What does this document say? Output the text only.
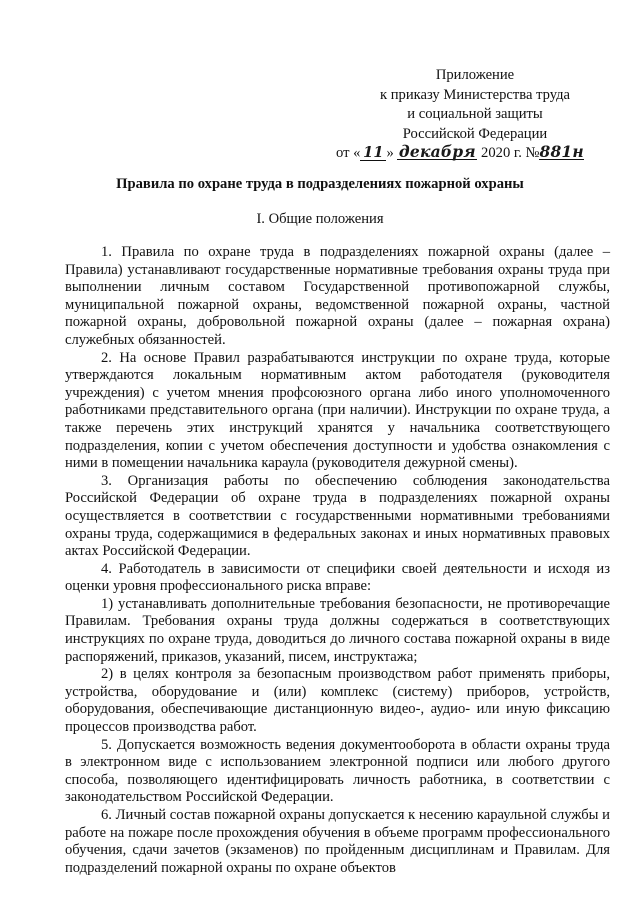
Приложение
к приказу Министерства труда
и социальной защиты
Российской Федерации
от « 11 » декабря 2020 г. №881н
Правила по охране труда в подразделениях пожарной охраны
I. Общие положения

1. Правила по охране труда в подразделениях пожарной охраны (далее – Правила) устанавливают государственные нормативные требования охраны труда при выполнении личным составом Государственной противопожарной службы, муниципальной пожарной охраны, ведомственной пожарной охраны, частной пожарной охраны, добровольной пожарной охраны (далее – пожарная охрана) служебных обязанностей.

2. На основе Правил разрабатываются инструкции по охране труда, которые утверждаются локальным нормативным актом работодателя (руководителя учреждения) с учетом мнения профсоюзного органа либо иного уполномоченного работниками представительного органа (при наличии). Инструкции по охране труда, а также перечень этих инструкций хранятся у начальника соответствующего подразделения, копии с учетом обеспечения доступности и удобства ознакомления с ними в помещении начальника караула (руководителя дежурной смены).

3. Организация работы по обеспечению соблюдения законодательства Российской Федерации об охране труда в подразделениях пожарной охраны осуществляется в соответствии с государственными нормативными требованиями охраны труда, содержащимися в федеральных законах и иных нормативных правовых актах Российской Федерации.

4. Работодатель в зависимости от специфики своей деятельности и исходя из оценки уровня профессионального риска вправе:

1) устанавливать дополнительные требования безопасности, не противоречащие Правилам. Требования охраны труда должны содержаться в соответствующих инструкциях по охране труда, доводиться до личного состава пожарной охраны в виде распоряжений, приказов, указаний, писем, инструктажа;

2) в целях контроля за безопасным производством работ применять приборы, устройства, оборудование и (или) комплекс (систему) приборов, устройств, оборудования, обеспечивающие дистанционную видео-, аудио- или иную фиксацию процессов производства работ.

5. Допускается возможность ведения документооборота в области охраны труда в электронном виде с использованием электронной подписи или любого другого способа, позволяющего идентифицировать личность работника, в соответствии с законодательством Российской Федерации.

6. Личный состав пожарной охраны допускается к несению караульной службы и работе на пожаре после прохождения обучения в объеме программ профессионального обучения, сдачи зачетов (экзаменов) по пройденным дисциплинам и Правилам. Для подразделений пожарной охраны по охране объектов
